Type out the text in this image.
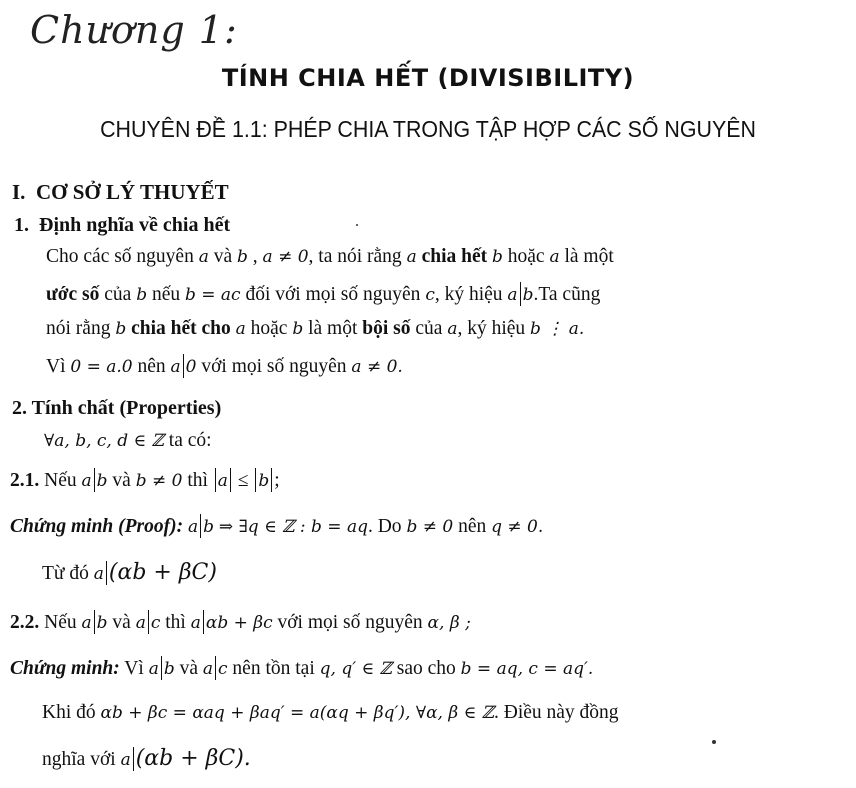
Chương 1:
TÍNH CHIA HẾT (DIVISIBILITY)
CHUYÊN ĐỀ 1.1: PHÉP CHIA TRONG TẬP HỢP CÁC SỐ NGUYÊN
I. CƠ SỞ LÝ THUYẾT
1. Định nghĩa về chia hết
Cho các số nguyên a và b , a ≠ 0, ta nói rằng a chia hết b hoặc a là một
ước số của b nếu b = ac đối với mọi số nguyên c, ký hiệu a b.Ta cũng
nói rằng b chia hết cho a hoặc b là một bội số của a, ký hiệu b ⋮ a.
Vì 0 = a.0 nên a 0 với mọi số nguyên a ≠ 0.
2. Tính chất (Properties)
∀a, b, c, d ∈ ℤ ta có:
2.1. Nếu a b và b ≠ 0 thì a ≤ b ;
Chứng minh (Proof): a b ⇒ ∃q ∈ ℤ : b = aq. Do b ≠ 0 nên q ≠ 0.
Từ đó a (αb + βC)
2.2. Nếu a b và a c thì a αb + βc với mọi số nguyên α, β ;
Chứng minh: Vì a b và a c nên tồn tại q, q′ ∈ ℤ sao cho b = aq, c = aq′.
Khi đó αb + βc = αaq + βaq′ = a(αq + βq′), ∀α, β ∈ ℤ. Điều này đồng
nghĩa với a (αb + βC).
